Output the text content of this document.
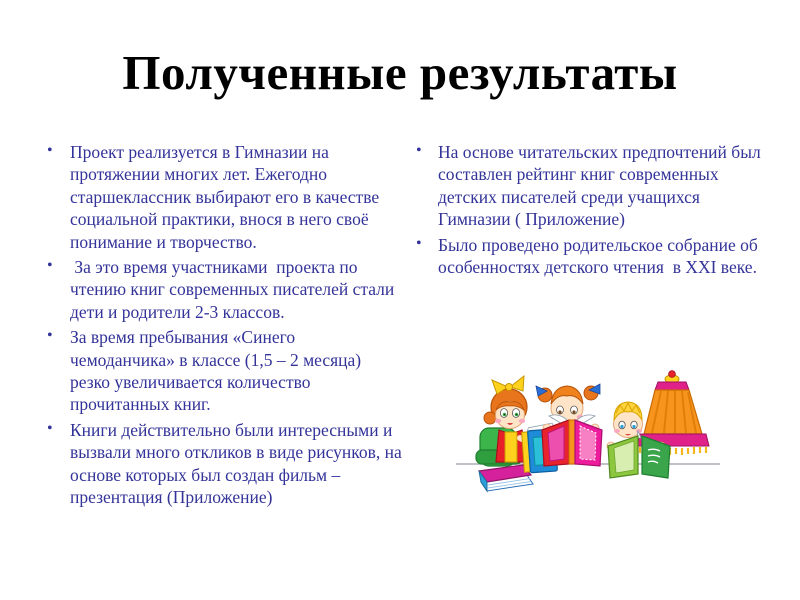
Полученные результаты
• Проект реализуется в Гимназии на протяжении многих лет. Ежегодно старшеклассник выбирают его в качестве социальной практики, внося в него своё понимание и творчество.
• За это время участниками  проекта по чтению книг современных писателей стали дети и родители 2-3 классов.
• За время пребывания «Синего чемоданчика» в классе (1,5 – 2 месяца) резко увеличивается количество прочитанных книг.
• Книги действительно были интересными и вызвали много откликов в виде рисунков, на основе которых был создан фильм – презентация (Приложение)
• На основе читательских предпочтений был составлен рейтинг книг современных детских писателей среди учащихся Гимназии ( Приложение)
• Было проведено родительское собрание об особенностях детского чтения  в XXI веке.
